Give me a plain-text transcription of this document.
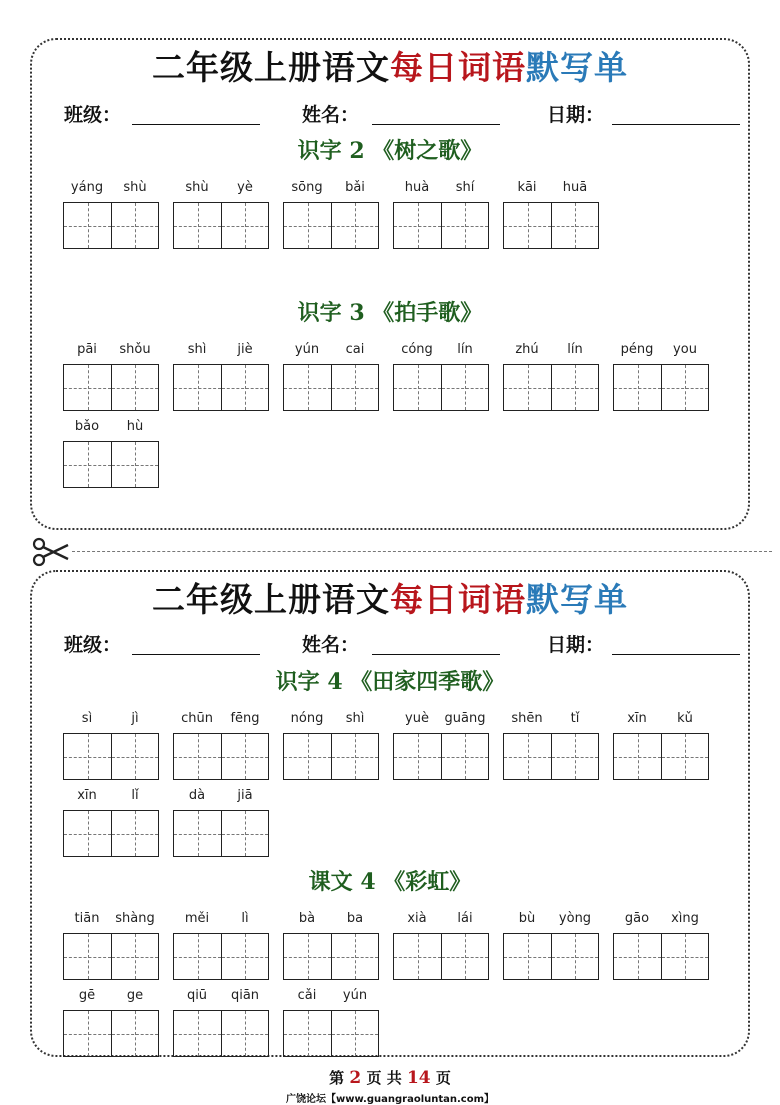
二年级上册语文每日词语默写单
班级：	姓名：	日期：
识字 2 《树之歌》
yáng	shù	shù	yè	sōng	bǎi	huà	shí	kāi	huā
识字 3 《拍手歌》
pāi	shǒu	shì	jiè	yún	cai	cóng	lín	zhú	lín	péng	you
bǎo	hù
二年级上册语文每日词语默写单
班级：	姓名：	日期：
识字 4 《田家四季歌》
sì	jì	chūn	fēng	nóng	shì	yuè	guāng	shēn	tǐ	xīn	kǔ
xīn	lǐ	dà	jiā
课文 4 《彩虹》
tiān	shàng	měi	lì	bà	ba	xià	lái	bù	yòng	gāo	xìng
gē	ge	qiū	qiān	cǎi	yún
第 2 页 共 14 页
广饶论坛【www.guangraoluntan.com】
